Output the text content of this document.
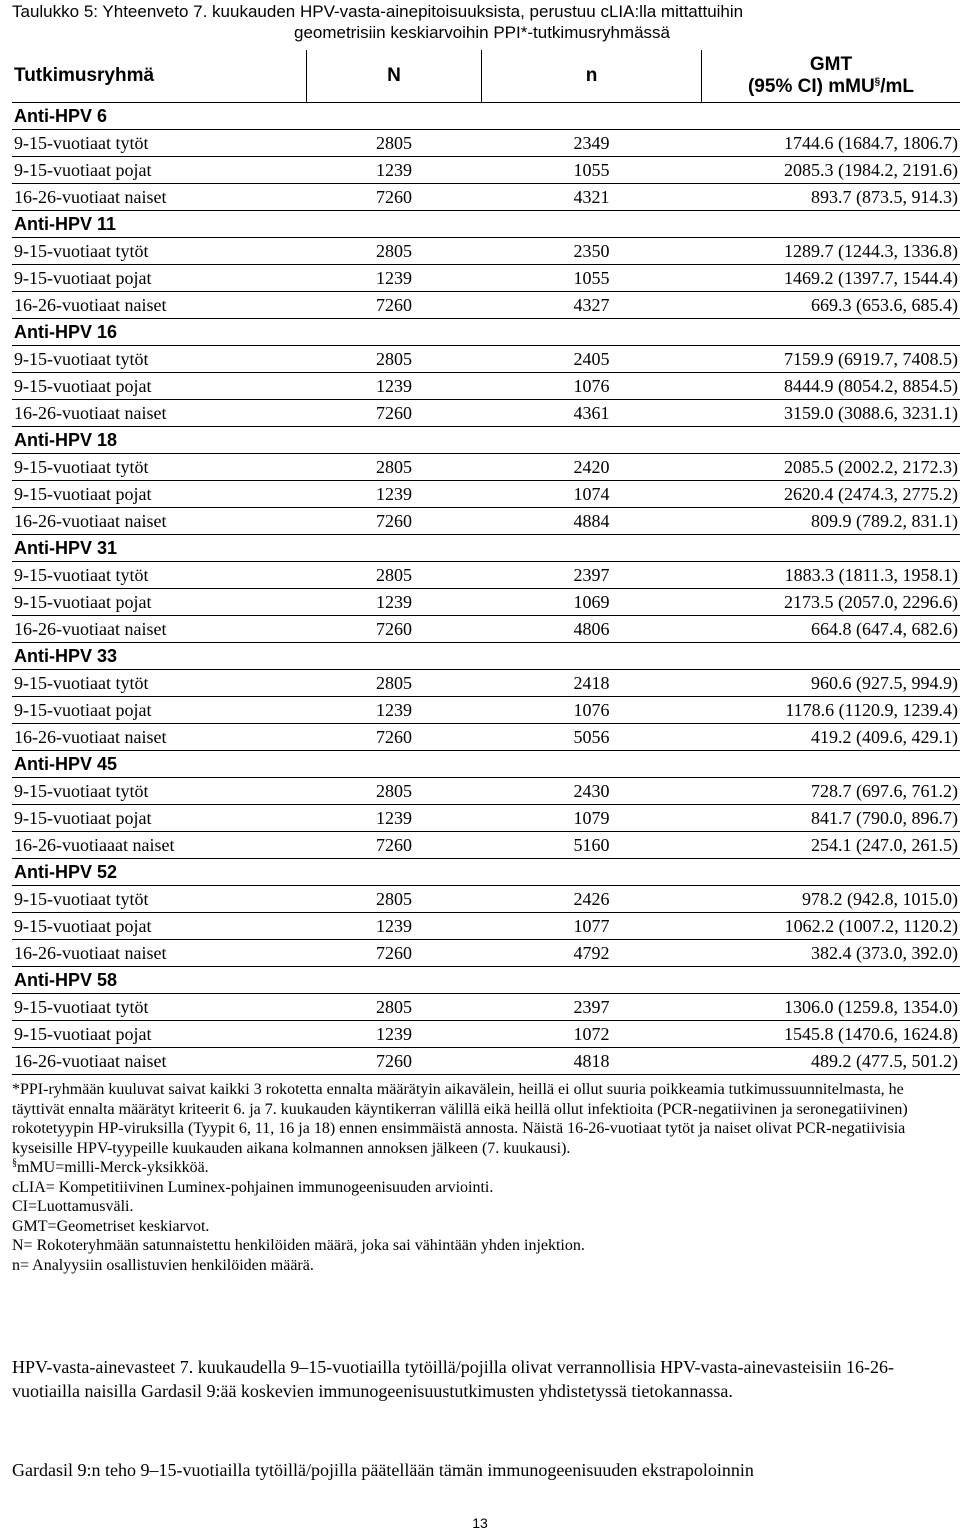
Taulukko 5: Yhteenveto 7. kuukauden HPV-vasta-ainepitoisuuksista, perustuu cLIA:lla mittattuihin
geometrisiin keskiarvoihin PPI*-tutkimusryhmässä
Tutkimusryhmä	N	n	GMT
(95% CI) mMU§/mL
Anti-HPV 6			
9-15-vuotiaat tytöt	2805	2349	1744.6 (1684.7, 1806.7)
9-15-vuotiaat pojat	1239	1055	2085.3 (1984.2, 2191.6)
16-26-vuotiaat naiset	7260	4321	893.7 (873.5, 914.3)
Anti-HPV 11			
9-15-vuotiaat tytöt	2805	2350	1289.7 (1244.3, 1336.8)
9-15-vuotiaat pojat	1239	1055	1469.2 (1397.7, 1544.4)
16-26-vuotiaat naiset	7260	4327	669.3 (653.6, 685.4)
Anti-HPV 16			
9-15-vuotiaat tytöt	2805	2405	7159.9 (6919.7, 7408.5)
9-15-vuotiaat pojat	1239	1076	8444.9 (8054.2, 8854.5)
16-26-vuotiaat naiset	7260	4361	3159.0 (3088.6, 3231.1)
Anti-HPV 18			
9-15-vuotiaat tytöt	2805	2420	2085.5 (2002.2, 2172.3)
9-15-vuotiaat pojat	1239	1074	2620.4 (2474.3, 2775.2)
16-26-vuotiaat naiset	7260	4884	809.9 (789.2, 831.1)
Anti-HPV 31			
9-15-vuotiaat tytöt	2805	2397	1883.3 (1811.3, 1958.1)
9-15-vuotiaat pojat	1239	1069	2173.5 (2057.0, 2296.6)
16-26-vuotiaat naiset	7260	4806	664.8 (647.4, 682.6)
Anti-HPV 33			
9-15-vuotiaat tytöt	2805	2418	960.6 (927.5, 994.9)
9-15-vuotiaat pojat	1239	1076	1178.6 (1120.9, 1239.4)
16-26-vuotiaat naiset	7260	5056	419.2 (409.6, 429.1)
Anti-HPV 45			
9-15-vuotiaat tytöt	2805	2430	728.7 (697.6, 761.2)
9-15-vuotiaat pojat	1239	1079	841.7 (790.0, 896.7)
16-26-vuotiaaat naiset	7260	5160	254.1 (247.0, 261.5)
Anti-HPV 52			
9-15-vuotiaat tytöt	2805	2426	978.2 (942.8, 1015.0)
9-15-vuotiaat pojat	1239	1077	1062.2 (1007.2, 1120.2)
16-26-vuotiaat naiset	7260	4792	382.4 (373.0, 392.0)
Anti-HPV 58			
9-15-vuotiaat tytöt	2805	2397	1306.0 (1259.8, 1354.0)
9-15-vuotiaat pojat	1239	1072	1545.8 (1470.6, 1624.8)
16-26-vuotiaat naiset	7260	4818	489.2 (477.5, 501.2)

*PPI-ryhmään kuuluvat saivat kaikki 3 rokotetta ennalta määrätyin aikavälein, heillä ei ollut suuria poikkeamia tutkimussuunnitelmasta, he täyttivät ennalta määrätyt kriteerit 6. ja 7. kuukauden käyntikerran välillä eikä heillä ollut infektioita (PCR-negatiivinen ja seronegatiivinen) rokotetyypin HP-viruksilla (Tyypit 6, 11, 16 ja 18) ennen ensimmäistä annosta. Näistä 16-26-vuotiaat tytöt ja naiset olivat PCR-negatiivisia kyseisille HPV-tyypeille kuukauden aikana kolmannen annoksen jälkeen (7. kuukausi).

§mMU=milli-Merck-yksikköä.

cLIA= Kompetitiivinen Luminex-pohjainen immunogeenisuuden arviointi.

CI=Luottamusväli.

GMT=Geometriset keskiarvot.

N= Rokoteryhmään satunnaistettu henkilöiden määrä, joka sai vähintään yhden injektion.

n= Analyysiin osallistuvien henkilöiden määrä.

HPV-vasta-ainevasteet 7. kuukaudella 9–15-vuotiailla tytöillä/pojilla olivat verrannollisia HPV-vasta-ainevasteisiin 16-26-vuotiailla naisilla Gardasil 9:ää koskevien immunogeenisuustutkimusten yhdistetyssä tietokannassa.

Gardasil 9:n teho 9–15-vuotiailla tytöillä/pojilla päätellään tämän immunogeenisuuden ekstrapoloinnin

13
